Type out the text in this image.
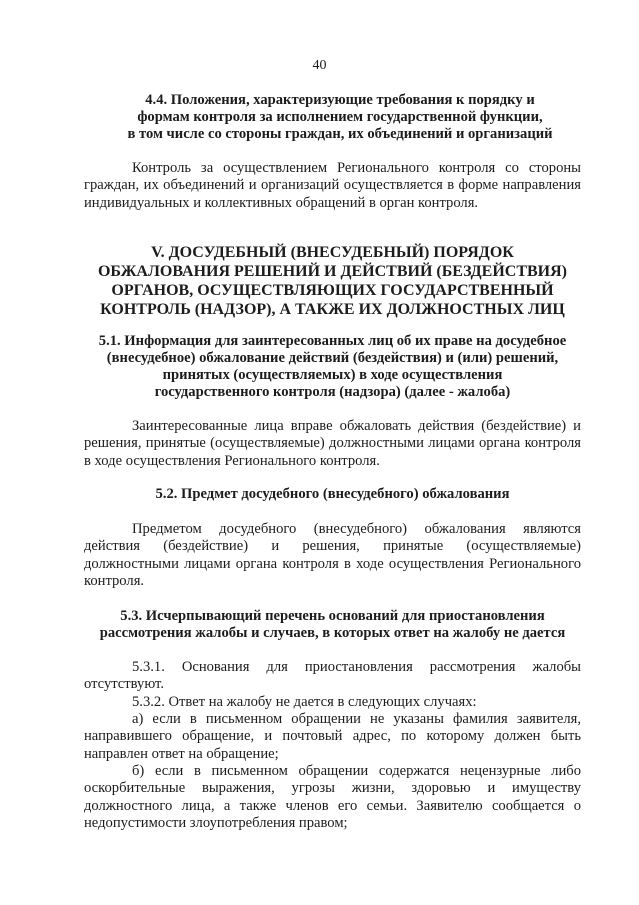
40
4.4. Положения, характеризующие требования к порядку и
формам контроля за исполнением государственной функции,
в том числе со стороны граждан, их объединений и организаций
Контроль за осуществлением Регионального контроля со стороны граждан, их объединений и организаций осуществляется в форме направления индивидуальных и коллективных обращений в орган контроля.
V. ДОСУДЕБНЫЙ (ВНЕСУДЕБНЫЙ) ПОРЯДОК
ОБЖАЛОВАНИЯ РЕШЕНИЙ И ДЕЙСТВИЙ (БЕЗДЕЙСТВИЯ)
ОРГАНОВ, ОСУЩЕСТВЛЯЮЩИХ ГОСУДАРСТВЕННЫЙ
КОНТРОЛЬ (НАДЗОР), А ТАКЖЕ ИХ ДОЛЖНОСТНЫХ ЛИЦ
5.1. Информация для заинтересованных лиц об их праве на досудебное
(внесудебное) обжалование действий (бездействия) и (или) решений,
принятых (осуществляемых) в ходе осуществления
государственного контроля (надзора) (далее - жалоба)
Заинтересованные лица вправе обжаловать действия (бездействие) и решения, принятые (осуществляемые) должностными лицами органа контроля в ходе осуществления Регионального контроля.
5.2. Предмет досудебного (внесудебного) обжалования
Предметом досудебного (внесудебного) обжалования являются действия (бездействие) и решения, принятые (осуществляемые) должностными лицами органа контроля в ходе осуществления Регионального контроля.
5.3. Исчерпывающий перечень оснований для приостановления
рассмотрения жалобы и случаев, в которых ответ на жалобу не дается
5.3.1. Основания для приостановления рассмотрения жалобы отсутствуют.
5.3.2. Ответ на жалобу не дается в следующих случаях:
а) если в письменном обращении не указаны фамилия заявителя, направившего обращение, и почтовый адрес, по которому должен быть направлен ответ на обращение;
б) если в письменном обращении содержатся нецензурные либо оскорбительные выражения, угрозы жизни, здоровью и имуществу должностного лица, а также членов его семьи. Заявителю сообщается о недопустимости злоупотребления правом;
